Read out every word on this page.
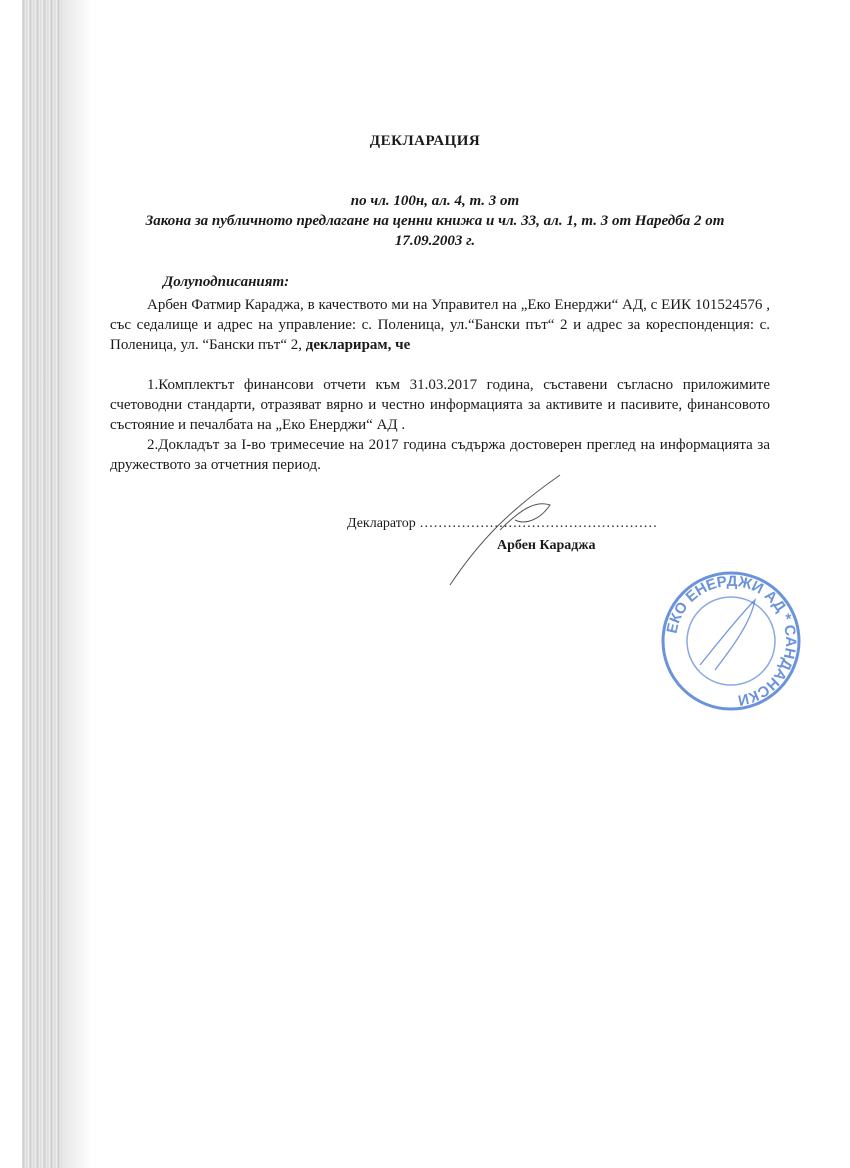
ДЕКЛАРАЦИЯ
по чл. 100н, ал. 4, т. 3 от
Закона за публичното предлагане на ценни книжа и чл. 33, ал. 1, т. 3 от Наредба 2 от
17.09.2003 г.
Долуподписаният:

Арбен Фатмир Караджа, в качеството ми на Управител на „Еко Енерджи“ АД, с ЕИК 101524576 , със седалище и адрес на управление: с. Поленица, ул.“Бански път“ 2 и адрес за кореспонденция: с. Поленица, ул. “Бански път“ 2, декларирам, че

1.Комплектът финансови отчети към 31.03.2017 година, съставени съгласно приложимите счетоводни стандарти, отразяват вярно и честно информацията за активите и пасивите, финансовото състояние и печалбата на „Еко Енерджи“ АД .

2.Докладът за I-во тримесечие на 2017 година съдържа достоверен преглед на информацията за дружеството за отчетния период.

Декларатор ……………………………………………
Арбен Караджа
ЕКО ЕНЕРДЖИ АД * САНДАНСКИ
